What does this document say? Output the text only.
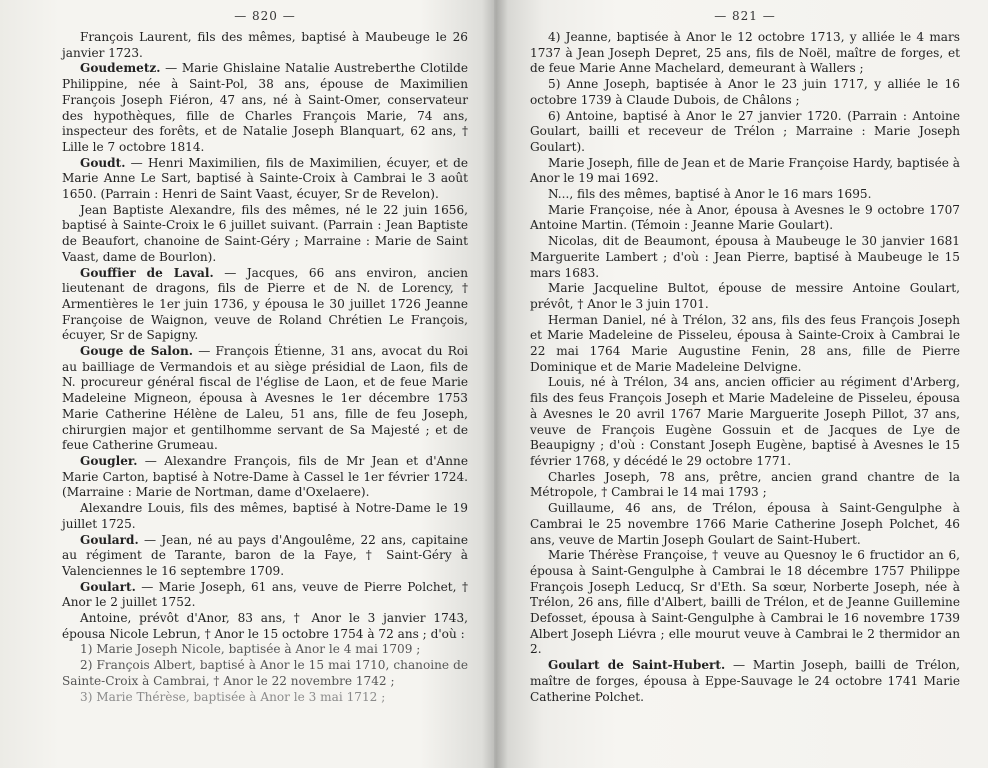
— 820 —

François Laurent, fils des mêmes, baptisé à Maubeuge le 26 janvier 1723.

Goudemetz. — Marie Ghislaine Natalie Austreberthe Clotilde Philippine, née à Saint-Pol, 38 ans, épouse de Maximilien François Joseph Fiéron, 47 ans, né à Saint-Omer, conservateur des hypothèques, fille de Charles François Marie, 74 ans, inspecteur des forêts, et de Natalie Joseph Blanquart, 62 ans, † Lille le 7 octobre 1814.

Goudt. — Henri Maximilien, fils de Maximilien, écuyer, et de Marie Anne Le Sart, baptisé à Sainte-Croix à Cambrai le 3 août 1650. (Parrain : Henri de Saint Vaast, écuyer, Sr de Revelon).

Jean Baptiste Alexandre, fils des mêmes, né le 22 juin 1656, baptisé à Sainte-Croix le 6 juillet suivant. (Parrain : Jean Baptiste de Beaufort, chanoine de Saint-Géry ; Marraine : Marie de Saint Vaast, dame de Bourlon).

Gouffier de Laval. — Jacques, 66 ans environ, ancien lieutenant de dragons, fils de Pierre et de N. de Lorency, † Armentières le 1er juin 1736, y épousa le 30 juillet 1726 Jeanne Françoise de Waignon, veuve de Roland Chrétien Le François, écuyer, Sr de Sapigny.

Gouge de Salon. — François Étienne, 31 ans, avocat du Roi au bailliage de Vermandois et au siège présidial de Laon, fils de N. procureur général fiscal de l'église de Laon, et de feue Marie Madeleine Migneon, épousa à Avesnes le 1er décembre 1753 Marie Catherine Hélène de Laleu, 51 ans, fille de feu Joseph, chirurgien major et gentilhomme servant de Sa Majesté ; et de feue Catherine Grumeau.

Gougler. — Alexandre François, fils de Mr Jean et d'Anne Marie Carton, baptisé à Notre-Dame à Cassel le 1er février 1724. (Marraine : Marie de Nortman, dame d'Oxelaere).

Alexandre Louis, fils des mêmes, baptisé à Notre-Dame le 19 juillet 1725.

Goulard. — Jean, né au pays d'Angoulême, 22 ans, capitaine au régiment de Tarante, baron de la Faye, † Saint-Géry à Valenciennes le 16 septembre 1709.

Goulart. — Marie Joseph, 61 ans, veuve de Pierre Polchet, † Anor le 2 juillet 1752.

Antoine, prévôt d'Anor, 83 ans, † Anor le 3 janvier 1743, épousa Nicole Lebrun, † Anor le 15 octobre 1754 à 72 ans ; d'où :

1) Marie Joseph Nicole, baptisée à Anor le 4 mai 1709 ;

2) François Albert, baptisé à Anor le 15 mai 1710, chanoine de Sainte-Croix à Cambrai, † Anor le 22 novembre 1742 ;

3) Marie Thérèse, baptisée à Anor le 3 mai 1712 ;

— 821 —

4) Jeanne, baptisée à Anor le 12 octobre 1713, y alliée le 4 mars 1737 à Jean Joseph Depret, 25 ans, fils de Noël, maître de forges, et de feue Marie Anne Machelard, demeurant à Wallers ;

5) Anne Joseph, baptisée à Anor le 23 juin 1717, y alliée le 16 octobre 1739 à Claude Dubois, de Châlons ;

6) Antoine, baptisé à Anor le 27 janvier 1720. (Parrain : Antoine Goulart, bailli et receveur de Trélon ; Marraine : Marie Joseph Goulart).

Marie Joseph, fille de Jean et de Marie Françoise Hardy, baptisée à Anor le 19 mai 1692.

N..., fils des mêmes, baptisé à Anor le 16 mars 1695.

Marie Françoise, née à Anor, épousa à Avesnes le 9 octobre 1707 Antoine Martin. (Témoin : Jeanne Marie Goulart).

Nicolas, dit de Beaumont, épousa à Maubeuge le 30 janvier 1681 Marguerite Lambert ; d'où : Jean Pierre, baptisé à Maubeuge le 15 mars 1683.

Marie Jacqueline Bultot, épouse de messire Antoine Goulart, prévôt, † Anor le 3 juin 1701.

Herman Daniel, né à Trélon, 32 ans, fils des feus François Joseph et Marie Madeleine de Pisseleu, épousa à Sainte-Croix à Cambrai le 22 mai 1764 Marie Augustine Fenin, 28 ans, fille de Pierre Dominique et de Marie Madeleine Delvigne.

Louis, né à Trélon, 34 ans, ancien officier au régiment d'Arberg, fils des feus François Joseph et Marie Madeleine de Pisseleu, épousa à Avesnes le 20 avril 1767 Marie Marguerite Joseph Pillot, 37 ans, veuve de François Eugène Gossuin et de Jacques de Lye de Beaupigny ; d'où : Constant Joseph Eugène, baptisé à Avesnes le 15 février 1768, y décédé le 29 octobre 1771.

Charles Joseph, 78 ans, prêtre, ancien grand chantre de la Métropole, † Cambrai le 14 mai 1793 ;

Guillaume, 46 ans, de Trélon, épousa à Saint-Gengulphe à Cambrai le 25 novembre 1766 Marie Catherine Joseph Polchet, 46 ans, veuve de Martin Joseph Goulart de Saint-Hubert.

Marie Thérèse Françoise, † veuve au Quesnoy le 6 fructidor an 6, épousa à Saint-Gengulphe à Cambrai le 18 décembre 1757 Philippe François Joseph Leducq, Sr d'Eth. Sa sœur, Norberte Joseph, née à Trélon, 26 ans, fille d'Albert, bailli de Trélon, et de Jeanne Guillemine Defosset, épousa à Saint-Gengulphe à Cambrai le 16 novembre 1739 Albert Joseph Liévra ; elle mourut veuve à Cambrai le 2 thermidor an 2.

Goulart de Saint-Hubert. — Martin Joseph, bailli de Trélon, maître de forges, épousa à Eppe-Sauvage le 24 octobre 1741 Marie Catherine Polchet.
